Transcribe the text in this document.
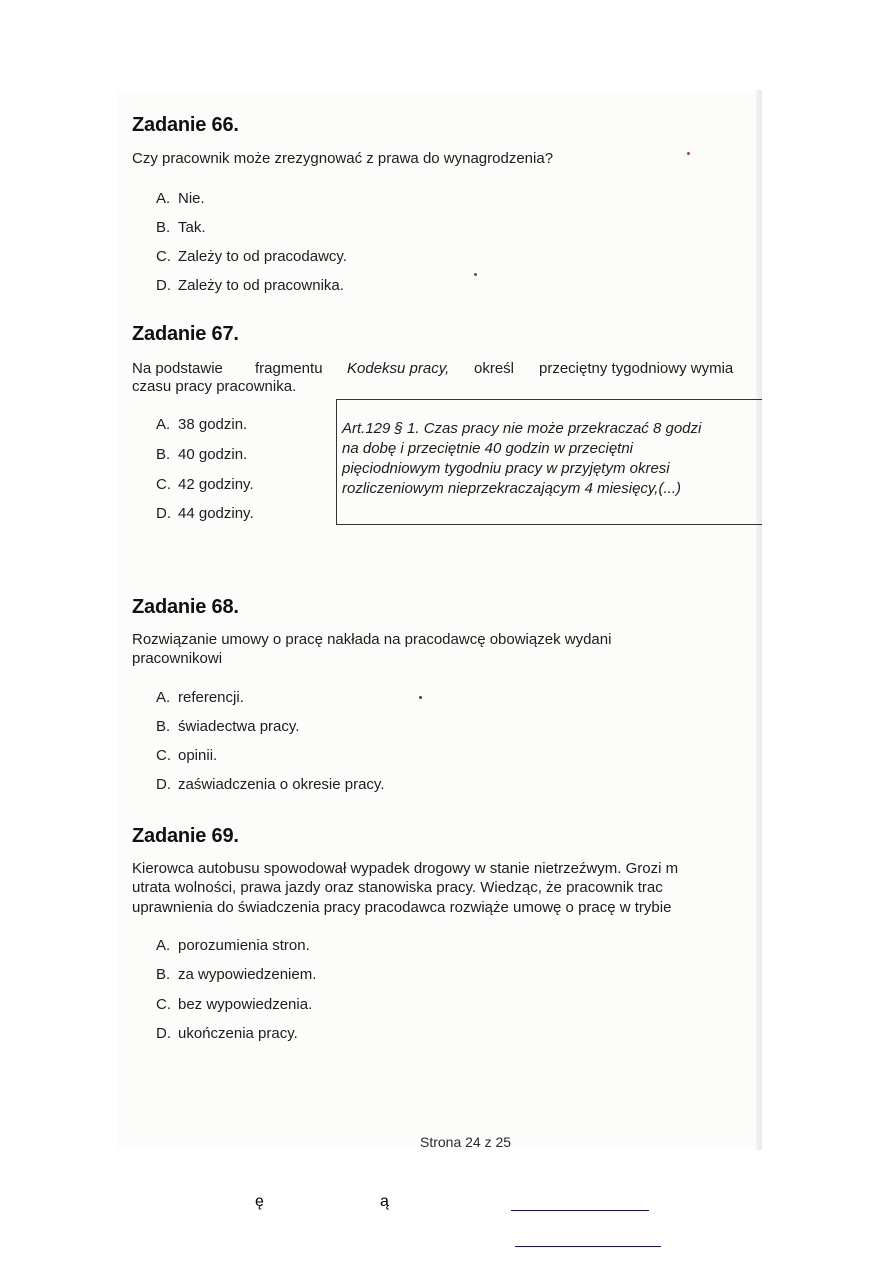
Zadanie 66.
Czy pracownik może zrezygnować z prawa do wynagrodzenia?
A. Nie.
B. Tak.
C. Zależy to od pracodawcy.
D. Zależy to od pracownika.
Zadanie 67.
Na podstawie fragmentu Kodeksu pracy, określ przeciętny tygodniowy wymia
czasu pracy pracownika.
A. 38 godzin.
B. 40 godzin.
C. 42 godziny.
D. 44 godziny.
Art.129 § 1. Czas pracy nie może przekraczać 8 godzi
na dobę i przeciętnie 40 godzin w przeciętni
pięciodniowym tygodniu pracy w przyjętym okresi
rozliczeniowym nieprzekraczającym 4 miesięcy,(...)
Zadanie 68.
Rozwiązanie umowy o pracę nakłada na pracodawcę obowiązek wydani
pracownikowi
A. referencji.
B. świadectwa pracy.
C. opinii.
D. zaświadczenia o okresie pracy.
Zadanie 69.
Kierowca autobusu spowodował wypadek drogowy w stanie nietrzeźwym. Grozi m
utrata wolności, prawa jazdy oraz stanowiska pracy. Wiedząc, że pracownik trac
uprawnienia do świadczenia pracy pracodawca rozwiąże umowę o pracę w trybie
A. porozumienia stron.
B. za wypowiedzeniem.
C. bez wypowiedzenia.
D. ukończenia pracy.
Strona 24 z 25
ę	ą
